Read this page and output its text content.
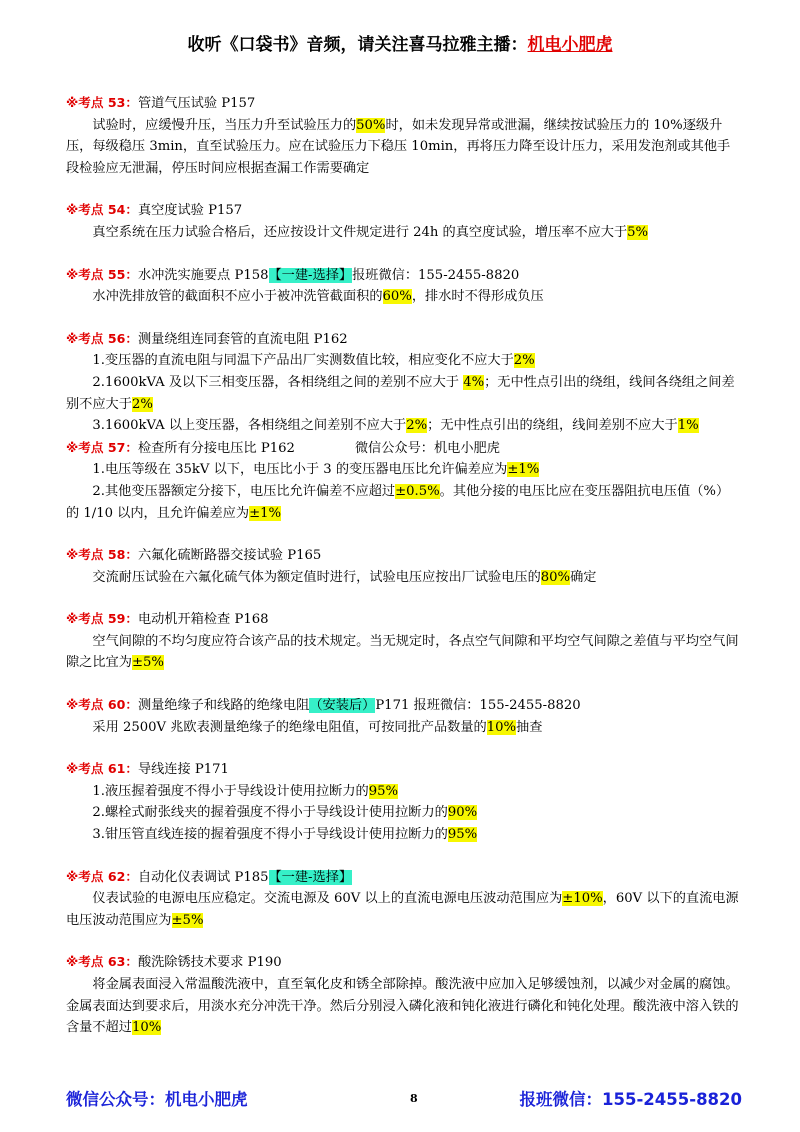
收听《口袋书》音频，请关注喜马拉雅主播：机电小肥虎
※考点 53：管道气压试验 P157
试验时，应缓慢升压，当压力升至试验压力的50%时，如未发现异常或泄漏，继续按试验压力的 10%逐级升压，每级稳压 3min，直至试验压力。应在试验压力下稳压 10min，再将压力降至设计压力，采用发泡剂或其他手段检验应无泄漏，停压时间应根据查漏工作需要确定
※考点 54：真空度试验 P157
真空系统在压力试验合格后，还应按设计文件规定进行 24h 的真空度试验，增压率不应大于5%
※考点 55：水冲洗实施要点 P158【一建-选择】报班微信：155-2455-8820
水冲洗排放管的截面积不应小于被冲洗管截面积的60%，排水时不得形成负压
※考点 56：测量绕组连同套管的直流电阻 P162
1.变压器的直流电阻与同温下产品出厂实测数值比较，相应变化不应大于2%
2.1600kVA 及以下三相变压器，各相绕组之间的差别不应大于 4%；无中性点引出的绕组，线间各绕组之间差别不应大于2%
3.1600kVA 以上变压器，各相绕组之间差别不应大于2%；无中性点引出的绕组，线间差别不应大于1%
※考点 57：检查所有分接电压比 P162	微信公众号：机电小肥虎
1.电压等级在 35kV 以下，电压比小于 3 的变压器电压比允许偏差应为±1%
2.其他变压器额定分接下，电压比允许偏差不应超过±0.5%。其他分接的电压比应在变压器阻抗电压值（%）的 1/10 以内，且允许偏差应为±1%
※考点 58：六氟化硫断路器交接试验 P165
交流耐压试验在六氟化硫气体为额定值时进行，试验电压应按出厂试验电压的80%确定
※考点 59：电动机开箱检查 P168
空气间隙的不均匀度应符合该产品的技术规定。当无规定时，各点空气间隙和平均空气间隙之差值与平均空气间隙之比宜为±5%
※考点 60：测量绝缘子和线路的绝缘电阻（安装后）P171 报班微信：155-2455-8820
采用 2500V 兆欧表测量绝缘子的绝缘电阻值，可按同批产品数量的10%抽查
※考点 61：导线连接 P171
1.液压握着强度不得小于导线设计使用拉断力的95%
2.螺栓式耐张线夹的握着强度不得小于导线设计使用拉断力的90%
3.钳压管直线连接的握着强度不得小于导线设计使用拉断力的95%
※考点 62：自动化仪表调试 P185【一建-选择】
仪表试验的电源电压应稳定。交流电源及 60V 以上的直流电源电压波动范围应为±10%，60V 以下的直流电源电压波动范围应为±5%
※考点 63：酸洗除锈技术要求 P190
将金属表面浸入常温酸洗液中，直至氧化皮和锈全部除掉。酸洗液中应加入足够缓蚀剂，以减少对金属的腐蚀。金属表面达到要求后，用淡水充分冲洗干净。然后分别浸入磷化液和钝化液进行磷化和钝化处理。酸洗液中溶入铁的含量不超过10%
微信公众号：机电小肥虎	8	报班微信：155-2455-8820
